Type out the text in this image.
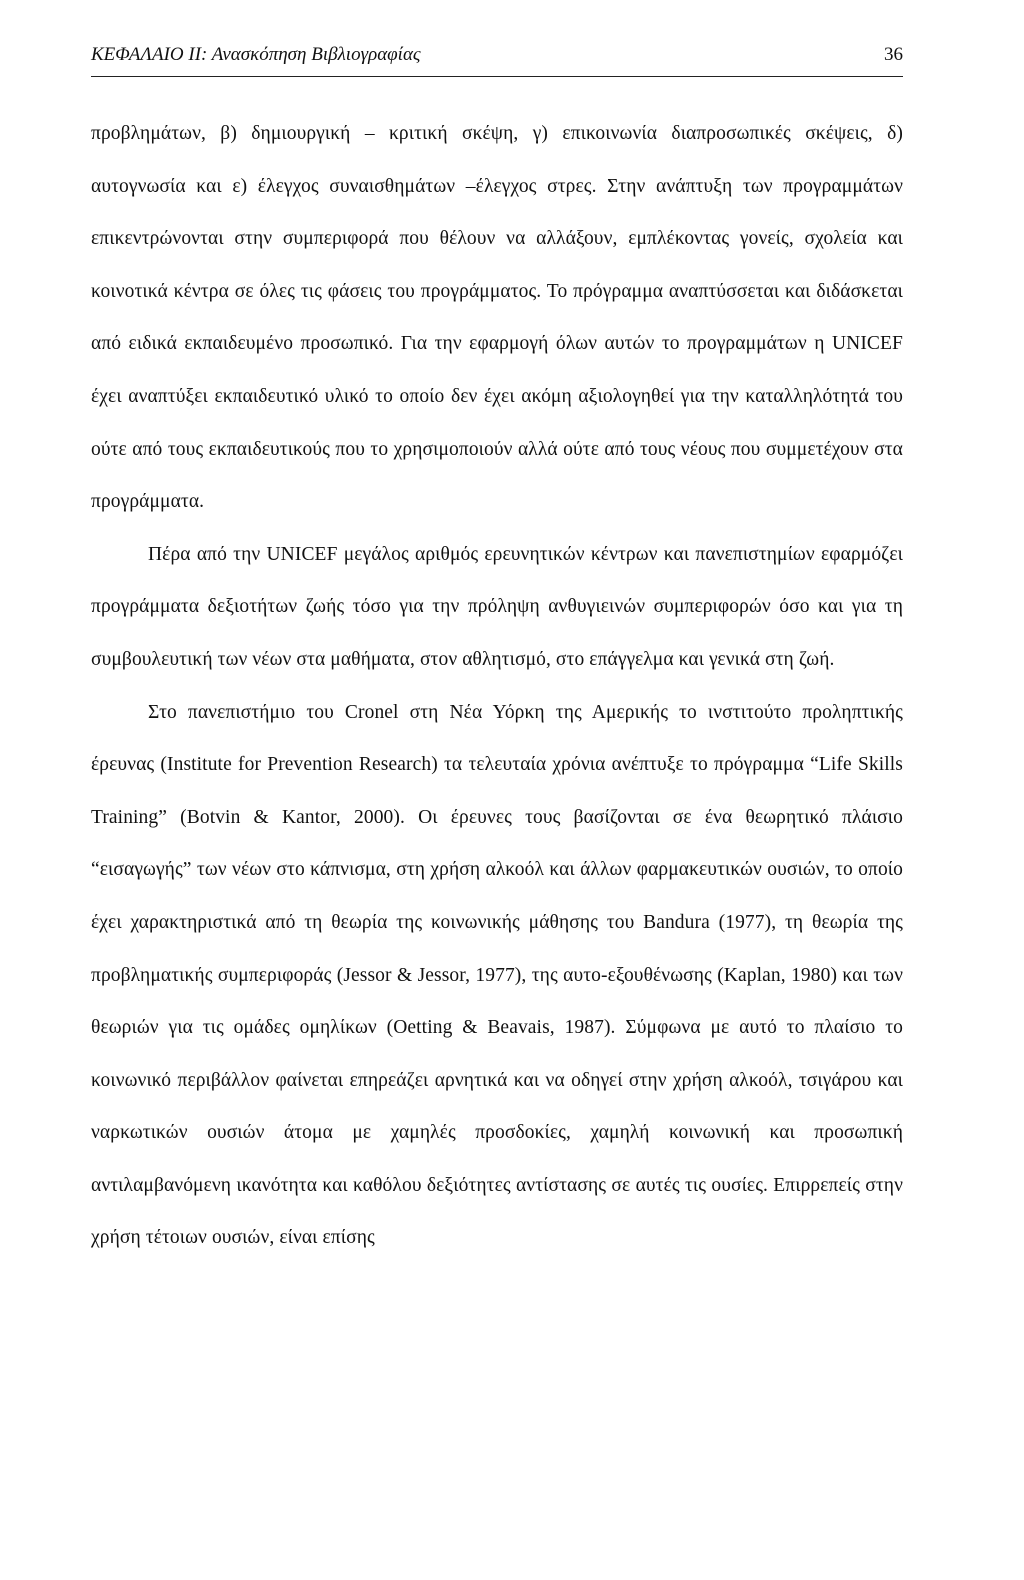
ΚΕΦΑΛΑΙΟ ΙΙ: Ανασκόπηση Βιβλιογραφίας	36

προβλημάτων, β) δημιουργική – κριτική σκέψη, γ) επικοινωνία διαπροσωπικές σκέψεις, δ) αυτογνωσία και ε) έλεγχος συναισθημάτων –έλεγχος στρες. Στην ανάπτυξη των προγραμμάτων επικεντρώνονται στην συμπεριφορά που θέλουν να αλλάξουν, εμπλέκοντας γονείς, σχολεία και κοινοτικά κέντρα σε όλες τις φάσεις του προγράμματος. Το πρόγραμμα αναπτύσσεται και διδάσκεται από ειδικά εκπαιδευμένο προσωπικό. Για την εφαρμογή όλων αυτών το προγραμμάτων η UNICEF έχει αναπτύξει εκπαιδευτικό υλικό το οποίο δεν έχει ακόμη αξιολογηθεί για την καταλληλότητά του ούτε από τους εκπαιδευτικούς που το χρησιμοποιούν αλλά ούτε από τους νέους που συμμετέχουν στα προγράμματα.

Πέρα από την UNICEF μεγάλος αριθμός ερευνητικών κέντρων και πανεπιστημίων εφαρμόζει προγράμματα δεξιοτήτων ζωής τόσο για την πρόληψη ανθυγιεινών συμπεριφορών όσο και για τη συμβουλευτική των νέων στα μαθήματα, στον αθλητισμό, στο επάγγελμα και γενικά στη ζωή.

Στο πανεπιστήμιο του Cronel στη Νέα Υόρκη της Αμερικής το ινστιτούτο προληπτικής έρευνας (Institute for Prevention Research) τα τελευταία χρόνια ανέπτυξε το πρόγραμμα “Life Skills Training” (Botvin & Kantor, 2000). Οι έρευνες τους βασίζονται σε ένα θεωρητικό πλάισιο “εισαγωγής” των νέων στο κάπνισμα, στη χρήση αλκοόλ και άλλων φαρμακευτικών ουσιών, το οποίο έχει χαρακτηριστικά από τη θεωρία της κοινωνικής μάθησης του Bandura (1977), τη θεωρία της προβληματικής συμπεριφοράς (Jessor & Jessor, 1977), της αυτο-εξουθένωσης (Kaplan, 1980) και των θεωριών για τις ομάδες ομηλίκων (Oetting & Beavais, 1987). Σύμφωνα με αυτό το πλαίσιο το κοινωνικό περιβάλλον φαίνεται επηρεάζει αρνητικά και να οδηγεί στην χρήση αλκοόλ, τσιγάρου και ναρκωτικών ουσιών άτομα με χαμηλές προσδοκίες, χαμηλή κοινωνική και προσωπική αντιλαμβανόμενη ικανότητα και καθόλου δεξιότητες αντίστασης σε αυτές τις ουσίες. Επιρρεπείς στην χρήση τέτοιων ουσιών, είναι επίσης
